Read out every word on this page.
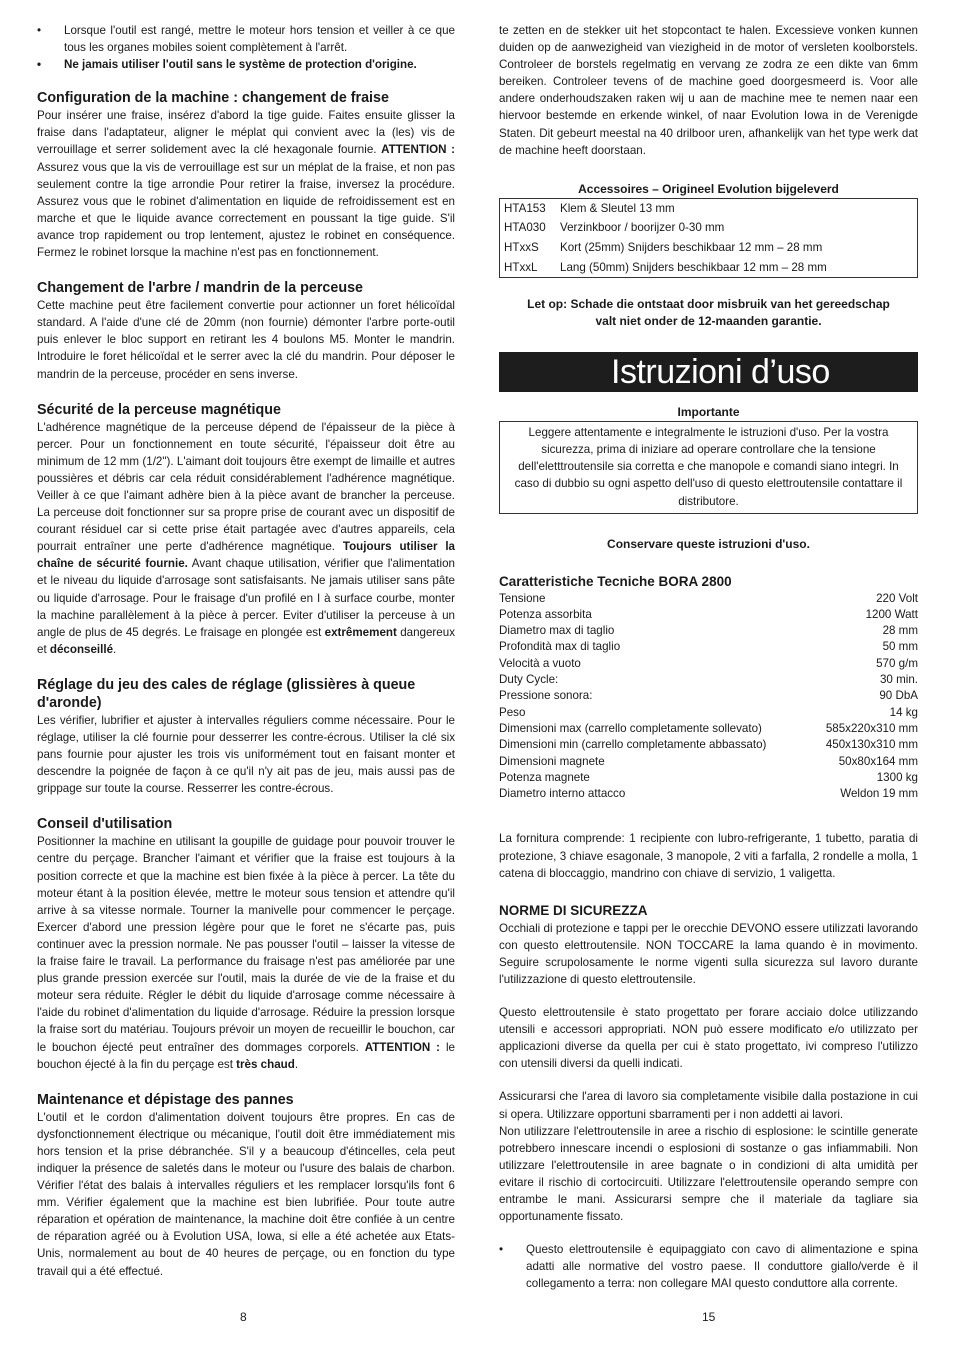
• Lorsque l'outil est rangé, mettre le moteur hors tension et veiller à ce que tous les organes mobiles soient complètement à l'arrêt.
• Ne jamais utiliser l'outil sans le système de protection d'origine.
Configuration de la machine : changement de fraise

Pour insérer une fraise, insérez d'abord la tige guide. Faites ensuite glisser la fraise dans l'adaptateur, aligner le méplat qui convient avec la (les) vis de verrouillage et serrer solidement avec la clé hexagonale fournie. ATTENTION : Assurez vous que la vis de verrouillage est sur un méplat de la fraise, et non pas seulement contre la tige arrondie Pour retirer la fraise, inversez la procédure. Assurez vous que le robinet d'alimentation en liquide de refroidissement est en marche et que le liquide avance correctement en poussant la tige guide. S'il avance trop rapidement ou trop lentement, ajustez le robinet en conséquence. Fermez le robinet lorsque la machine n'est pas en fonctionnement.

Changement de l'arbre / mandrin de la perceuse

Cette machine peut être facilement convertie pour actionner un foret hélicoïdal standard. A l'aide d'une clé de 20mm (non fournie) démonter l'arbre porte-outil puis enlever le bloc support en retirant les 4 boulons M5. Monter le mandrin. Introduire le foret hélicoïdal et le serrer avec la clé du mandrin. Pour déposer le mandrin de la perceuse, procéder en sens inverse.

Sécurité de la perceuse magnétique

L'adhérence magnétique de la perceuse dépend de l'épaisseur de la pièce à percer. Pour un fonctionnement en toute sécurité, l'épaisseur doit être au minimum de 12 mm (1/2"). L'aimant doit toujours être exempt de limaille et autres poussières et débris car cela réduit considérablement l'adhérence magnétique. Veiller à ce que l'aimant adhère bien à la pièce avant de brancher la perceuse. La perceuse doit fonctionner sur sa propre prise de courant avec un dispositif de courant résiduel car si cette prise était partagée avec d'autres appareils, cela pourrait entraîner une perte d'adhérence magnétique. Toujours utiliser la chaîne de sécurité fournie. Avant chaque utilisation, vérifier que l'alimentation et le niveau du liquide d'arrosage sont satisfaisants. Ne jamais utiliser sans pâte ou liquide d'arrosage. Pour le fraisage d'un profilé en I à surface courbe, monter la machine parallèlement à la pièce à percer. Eviter d'utiliser la perceuse à un angle de plus de 45 degrés. Le fraisage en plongée est extrêmement dangereux et déconseillé.

Réglage du jeu des cales de réglage (glissières à queue d'aronde)

Les vérifier, lubrifier et ajuster à intervalles réguliers comme nécessaire. Pour le réglage, utiliser la clé fournie pour desserrer les contre-écrous. Utiliser la clé six pans fournie pour ajuster les trois vis uniformément tout en faisant monter et descendre la poignée de façon à ce qu'il n'y ait pas de jeu, mais aussi pas de grippage sur toute la course. Resserrer les contre-écrous.

Conseil d'utilisation

Positionner la machine en utilisant la goupille de guidage pour pouvoir trouver le centre du perçage. Brancher l'aimant et vérifier que la fraise est toujours à la position correcte et que la machine est bien fixée à la pièce à percer. La tête du moteur étant à la position élevée, mettre le moteur sous tension et attendre qu'il arrive à sa vitesse normale. Tourner la manivelle pour commencer le perçage. Exercer d'abord une pression légère pour que le foret ne s'écarte pas, puis continuer avec la pression normale. Ne pas pousser l'outil – laisser la vitesse de la fraise faire le travail. La performance du fraisage n'est pas améliorée par une plus grande pression exercée sur l'outil, mais la durée de vie de la fraise et du moteur sera réduite. Régler le débit du liquide d'arrosage comme nécessaire à l'aide du robinet d'alimentation du liquide d'arrosage. Réduire la pression lorsque la fraise sort du matériau. Toujours prévoir un moyen de recueillir le bouchon, car le bouchon éjecté peut entraîner des dommages corporels. ATTENTION : le bouchon éjecté à la fin du perçage est très chaud.

Maintenance et dépistage des pannes

L'outil et le cordon d'alimentation doivent toujours être propres. En cas de dysfonctionnement électrique ou mécanique, l'outil doit être immédiatement mis hors tension et la prise débranchée. S'il y a beaucoup d'étincelles, cela peut indiquer la présence de saletés dans le moteur ou l'usure des balais de charbon. Vérifier l'état des balais à intervalles réguliers et les remplacer lorsqu'ils font 6 mm. Vérifier également que la machine est bien lubrifiée. Pour toute autre réparation et opération de maintenance, la machine doit être confiée à un centre de réparation agréé ou à Evolution USA, Iowa, si elle a été achetée aux Etats-Unis, normalement au bout de 40 heures de perçage, ou en fonction du type travail qui a été effectué.

te zetten en de stekker uit het stopcontact te halen. Excessieve vonken kunnen duiden op de aanwezigheid van viezigheid in de motor of versleten koolborstels. Controleer de borstels regelmatig en vervang ze zodra ze een dikte van 6mm bereiken. Controleer tevens of de machine goed doorgesmeerd is. Voor alle andere onderhoudszaken raken wij u aan de machine mee te nemen naar een hiervoor bestemde en erkende winkel, of naar Evolution Iowa in de Verenigde Staten. Dit gebeurt meestal na 40 drilboor uren, afhankelijk van het type werk dat de machine heeft doorstaan.

Accessoires – Origineel Evolution bijgeleverd
HTA153	Klem & Sleutel 13 mm
HTA030	Verzinkboor / boorijzer 0-30 mm
HTxxS	Kort (25mm) Snijders beschikbaar 12 mm – 28 mm
HTxxL	Lang (50mm) Snijders beschikbaar 12 mm – 28 mm
Let op: Schade die ontstaat door misbruik van het gereedschap valt niet onder de 12-maanden garantie.
Istruzioni d’uso
Importante
Leggere attentamente e integralmente le istruzioni d'uso. Per la vostra sicurezza, prima di iniziare ad operare controllare che la tensione dell'eletttroutensile sia corretta e che manopole e comandi siano integri. In caso di dubbio su ogni aspetto dell'uso di questo elettroutensile contattare il distributore.
Conservare queste istruzioni d'uso.
Caratteristiche Tecniche BORA 2800
Tensione	220 Volt
Potenza assorbita	1200 Watt
Diametro max di taglio	28 mm
Profondità max di taglio	50 mm
Velocità a vuoto	570 g/m
Duty Cycle:	30 min.
Pressione sonora:	90 DbA
Peso	14 kg
Dimensioni max (carrello completamente sollevato)	585x220x310 mm
Dimensioni min (carrello completamente abbassato)	450x130x310 mm
Dimensioni magnete	50x80x164 mm
Potenza magnete	1300 kg
Diametro interno attacco	Weldon 19 mm

La fornitura comprende: 1 recipiente con lubro-refrigerante, 1 tubetto, paratia di protezione, 3 chiave esagonale, 3 manopole, 2 viti a farfalla, 2 rondelle a molla, 1 catena di bloccaggio, mandrino con chiave di servizio, 1 valigetta.

NORME DI SICUREZZA

Occhiali di protezione e tappi per le orecchie DEVONO essere utilizzati lavorando con questo elettroutensile. NON TOCCARE la lama quando è in movimento. Seguire scrupolosamente le norme vigenti sulla sicurezza sul lavoro durante l'utilizzazione di questo elettroutensile.

Questo elettroutensile è stato progettato per forare acciaio dolce utilizzando utensili e accessori appropriati. NON può essere modificato e/o utilizzato per applicazioni diverse da quella per cui è stato progettato, ivi compreso l'utilizzo con utensili diversi da quelli indicati.

Assicurarsi che l'area di lavoro sia completamente visibile dalla postazione in cui si opera. Utilizzare opportuni sbarramenti per i non addetti ai lavori.

Non utilizzare l'elettroutensile in aree a rischio di esplosione: le scintille generate potrebbero innescare incendi o esplosioni di sostanze o gas infiammabili. Non utilizzare l'elettroutensile in aree bagnate o in condizioni di alta umidità per evitare il rischio di cortocircuiti. Utilizzare l'elettroutensile operando sempre con entrambe le mani. Assicurarsi sempre che il materiale da tagliare sia opportunamente fissato.

• Questo elettroutensile è equipaggiato con cavo di alimentazione e spina adatti alle normative del vostro paese. Il conduttore giallo/verde è il collegamento a terra: non collegare MAI questo conduttore alla corrente.
8	15
